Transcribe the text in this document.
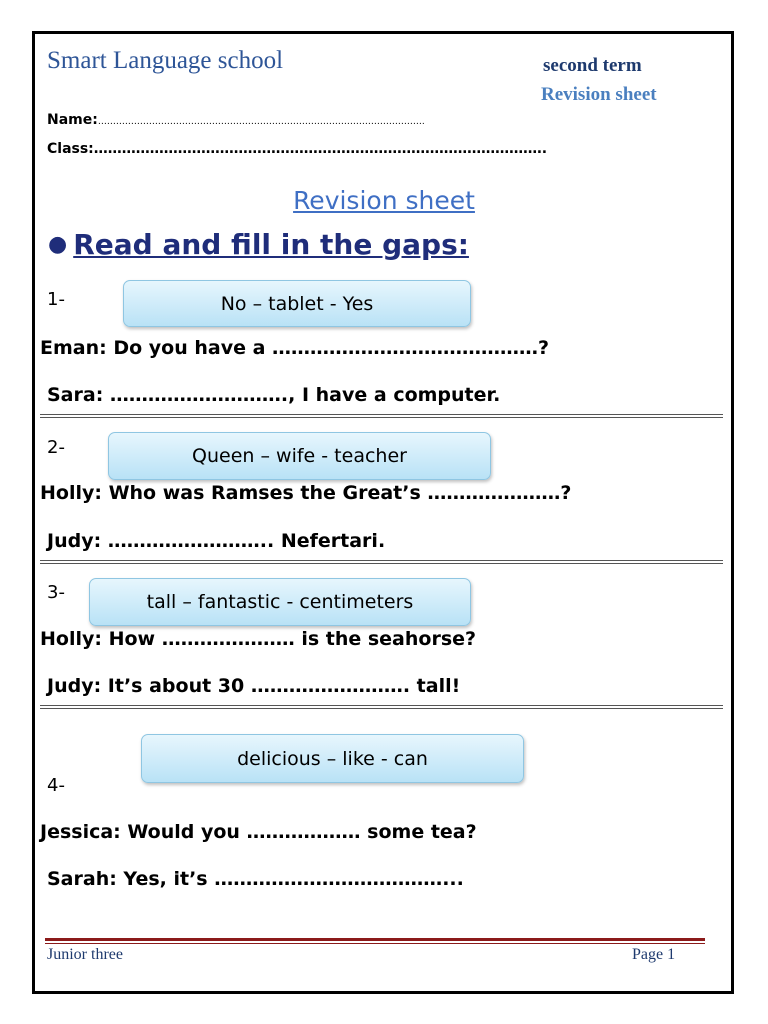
Smart Language school	second term
Revision sheet
Name:……………………………………………………………………………………………….
Class:…………………………………………………………………………………….
Revision sheet
● Read and fill in the gaps:
1-	No – tablet - Yes
Eman: Do you have a ……………………………………?
Sara: ………………………., I have a computer.
2-	Queen – wife - teacher
Holly: Who was Ramses the Great’s …………………?
Judy: …………………….. Nefertari.
3-	tall – fantastic - centimeters
Holly: How ………………… is the seahorse?
Judy: It’s about 30 ……………………. tall!
delicious – like - can
4-
Jessica: Would you ……………… some tea?
Sarah: Yes, it’s ………………………………...
Junior three	Page 1
